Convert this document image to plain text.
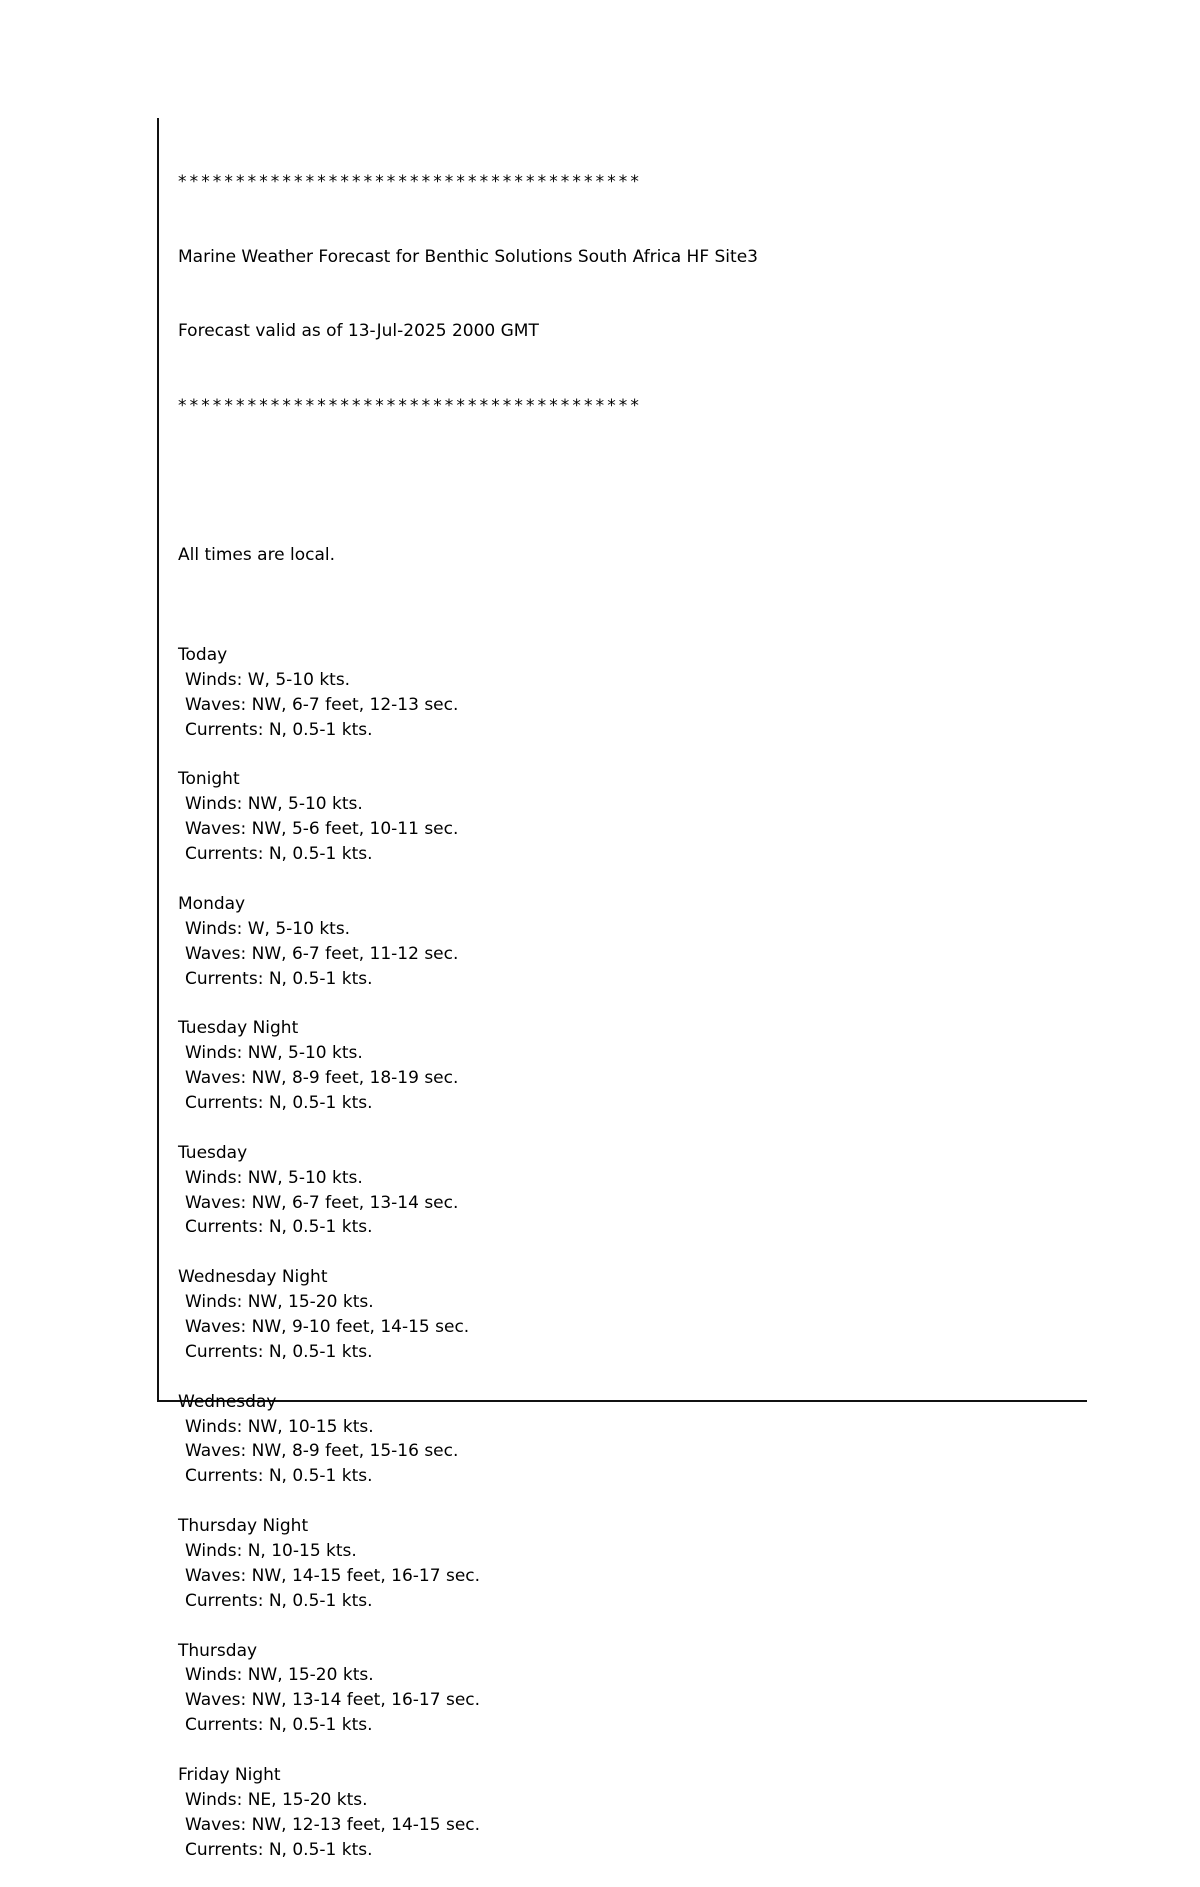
****************************************

Marine Weather Forecast for Benthic Solutions South Africa HF Site3

Forecast valid as of 13-Jul-2025 2000 GMT

****************************************

All times are local.

Today
Winds: W, 5-10 kts.
Waves: NW, 6-7 feet, 12-13 sec.
Currents: N, 0.5-1 kts.
Tonight
Winds: NW, 5-10 kts.
Waves: NW, 5-6 feet, 10-11 sec.
Currents: N, 0.5-1 kts.
Monday
Winds: W, 5-10 kts.
Waves: NW, 6-7 feet, 11-12 sec.
Currents: N, 0.5-1 kts.
Tuesday Night
Winds: NW, 5-10 kts.
Waves: NW, 8-9 feet, 18-19 sec.
Currents: N, 0.5-1 kts.
Tuesday
Winds: NW, 5-10 kts.
Waves: NW, 6-7 feet, 13-14 sec.
Currents: N, 0.5-1 kts.
Wednesday Night
Winds: NW, 15-20 kts.
Waves: NW, 9-10 feet, 14-15 sec.
Currents: N, 0.5-1 kts.
Wednesday
Winds: NW, 10-15 kts.
Waves: NW, 8-9 feet, 15-16 sec.
Currents: N, 0.5-1 kts.
Thursday Night
Winds: N, 10-15 kts.
Waves: NW, 14-15 feet, 16-17 sec.
Currents: N, 0.5-1 kts.
Thursday
Winds: NW, 15-20 kts.
Waves: NW, 13-14 feet, 16-17 sec.
Currents: N, 0.5-1 kts.
Friday Night
Winds: NE, 15-20 kts.
Waves: NW, 12-13 feet, 14-15 sec.
Currents: N, 0.5-1 kts.
